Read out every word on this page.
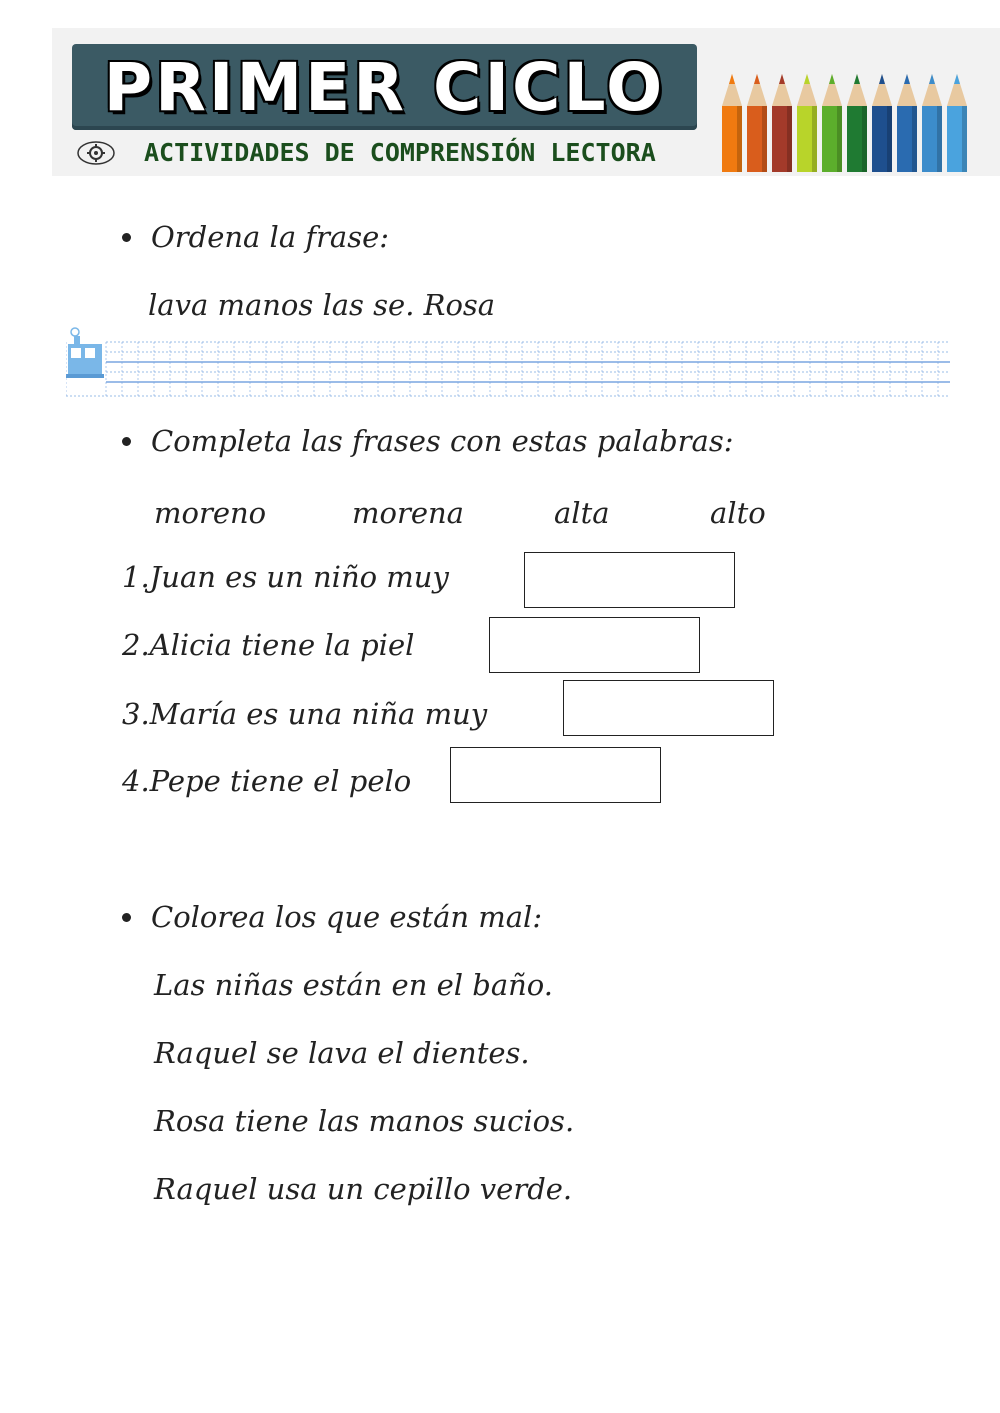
PRIMER CICLO
ACTIVIDADES DE COMPRENSIÓN LECTORA
Ordena la frase:
lava manos las se. Rosa
Completa las frases con estas palabras:
moreno	morena	alta	alto
1. Juan es un niño muy
2. Alicia tiene la piel
3. María es una niña muy
4. Pepe tiene el pelo
Colorea los que están mal:
Las niñas están en el baño.
Raquel se lava el dientes.
Rosa tiene las manos sucios.
Raquel usa un cepillo verde.
